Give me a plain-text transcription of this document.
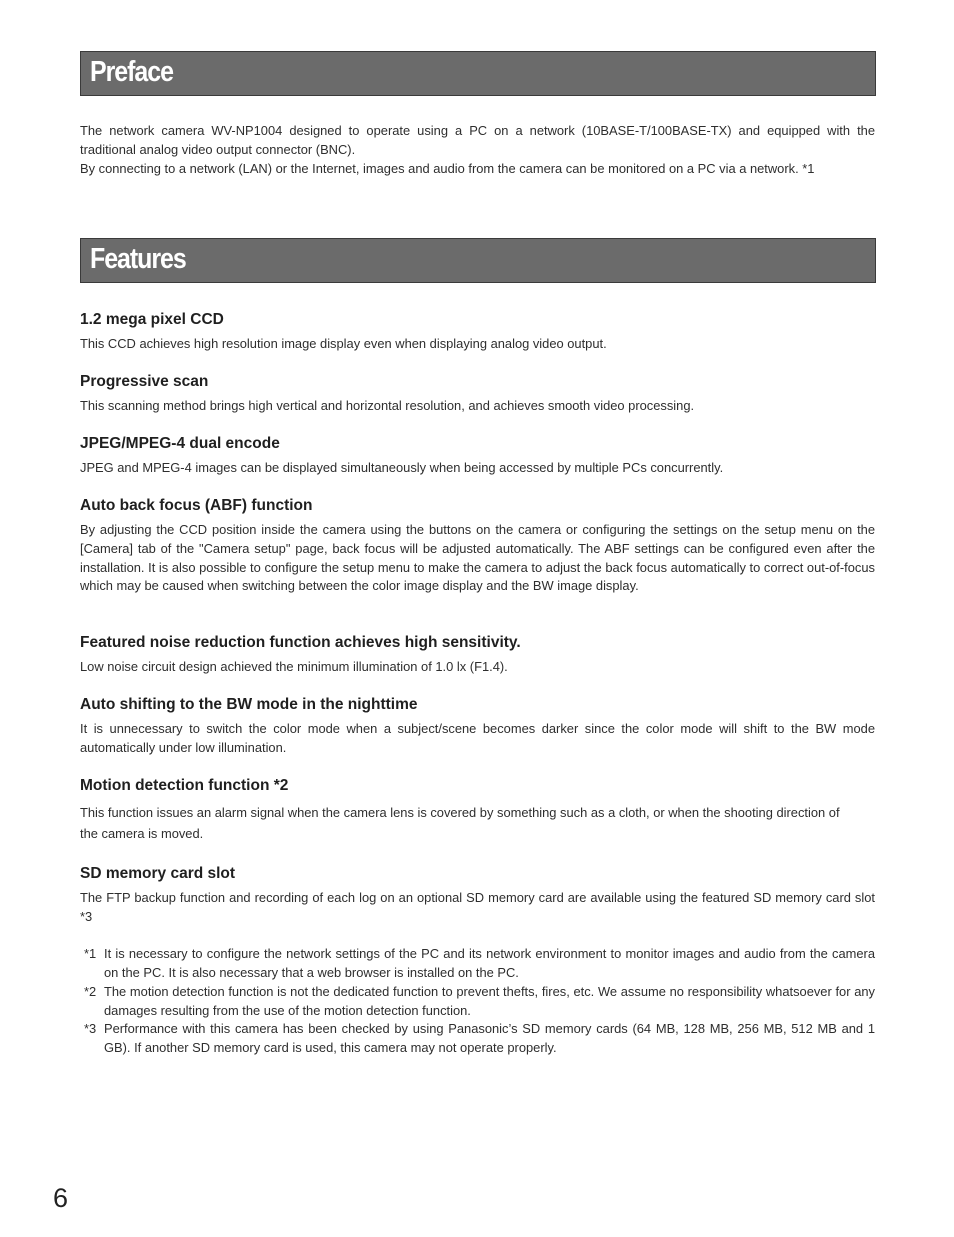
Preface

The network camera WV-NP1004 designed to operate using a PC on a network (10BASE-T/100BASE-TX) and equipped with the traditional analog video output connector (BNC).

By connecting to a network (LAN) or the Internet, images and audio from the camera can be monitored on a PC via a network. *1

Features
1.2 mega pixel CCD

This CCD achieves high resolution image display even when displaying analog video output.

Progressive scan

This scanning method brings high vertical and horizontal resolution, and achieves smooth video processing.

JPEG/MPEG-4 dual encode

JPEG and MPEG-4 images can be displayed simultaneously when being accessed by multiple PCs concurrently.

Auto back focus (ABF) function

By adjusting the CCD position inside the camera using the buttons on the camera or configuring the settings on the setup menu on the [Camera] tab of the "Camera setup" page, back focus will be adjusted automatically. The ABF settings can be configured even after the installation. It is also possible to configure the setup menu to make the camera to adjust the back focus automatically to correct out-of-focus which may be caused when switching between the color image display and the BW image display.

Featured noise reduction function achieves high sensitivity.

Low noise circuit design achieved the minimum illumination of 1.0 lx (F1.4).

Auto shifting to the BW mode in the nighttime

It is unnecessary to switch the color mode when a subject/scene becomes darker since the color mode will shift to the BW mode automatically under low illumination.

Motion detection function *2

This function issues an alarm signal when the camera lens is covered by something such as a cloth, or when the shooting direction of the camera is moved.

SD memory card slot

The FTP backup function and recording of each log on an optional SD memory card are available using the featured SD memory card slot *3

*1 It is necessary to configure the network settings of the PC and its network environment to monitor images and audio from the camera on the PC. It is also necessary that a web browser is installed on the PC.
*2 The motion detection function is not the dedicated function to prevent thefts, fires, etc. We assume no responsibility whatsoever for any damages resulting from the use of the motion detection function.
*3 Performance with this camera has been checked by using Panasonic’s SD memory cards (64 MB, 128 MB, 256 MB, 512 MB and 1 GB). If another SD memory card is used, this camera may not operate properly.
6
